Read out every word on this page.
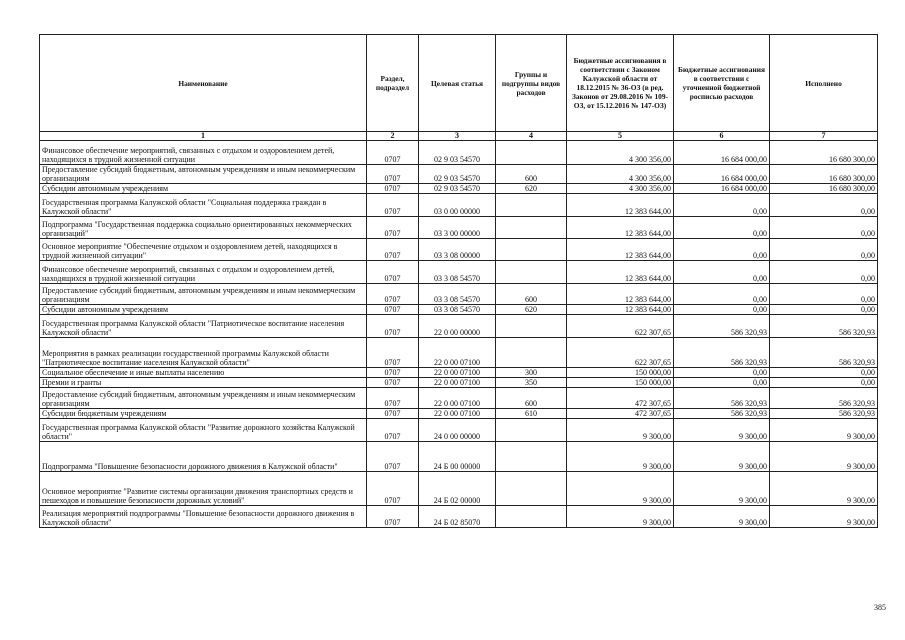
Наименование	Раздел, подраздел	Целевая статья	Группы и подгруппы видов расходов	Бюджетные ассигнования в соответствии с Законом Калужской области от 18.12.2015 № 36-ОЗ (в ред. Законов от 29.08.2016 № 109-ОЗ, от 15.12.2016 № 147-ОЗ)	Бюджетные ассигнования в соответствии с уточненной бюджетной росписью расходов	Исполнено
1	2	3	4	5	6	7
Финансовое обеспечение мероприятий, связанных с отдыхом и оздоровлением детей, находящихся в трудной жизненной ситуации	0707	02 9 03 54570		4 300 356,00	16 684 000,00	16 680 300,00
Предоставление субсидий бюджетным, автономным учреждениям и иным некоммерческим организациям	0707	02 9 03 54570	600	4 300 356,00	16 684 000,00	16 680 300,00
Субсидии автономным учреждениям	0707	02 9 03 54570	620	4 300 356,00	16 684 000,00	16 680 300,00
Государственная программа Калужской области "Социальная поддержка граждан в Калужской области"	0707	03 0 00 00000		12 383 644,00	0,00	0,00
Подпрограмма "Государственная поддержка социально ориентированных некоммерческих организаций"	0707	03 3 00 00000		12 383 644,00	0,00	0,00
Основное мероприятие "Обеспечение отдыхом и оздоровлением детей, находящихся в трудной жизненной ситуации"	0707	03 3 08 00000		12 383 644,00	0,00	0,00
Финансовое обеспечение мероприятий, связанных с отдыхом и оздоровлением детей, находящихся в трудной жизненной ситуации	0707	03 3 08 54570		12 383 644,00	0,00	0,00
Предоставление субсидий бюджетным, автономным учреждениям и иным некоммерческим организациям	0707	03 3 08 54570	600	12 383 644,00	0,00	0,00
Субсидии автономным учреждениям	0707	03 3 08 54570	620	12 383 644,00	0,00	0,00
Государственная программа Калужской области "Патриотическое воспитание населения Калужской области"	0707	22 0 00 00000		622 307,65	586 320,93	586 320,93
Мероприятия в рамках реализации государственной программы Калужской области "Патриотическое воспитание населения Калужской области"	0707	22 0 00 07100		622 307,65	586 320,93	586 320,93
Социальное обеспечение и иные выплаты населению	0707	22 0 00 07100	300	150 000,00	0,00	0,00
Премии и гранты	0707	22 0 00 07100	350	150 000,00	0,00	0,00
Предоставление субсидий бюджетным, автономным учреждениям и иным некоммерческим организациям	0707	22 0 00 07100	600	472 307,65	586 320,93	586 320,93
Субсидии бюджетным учреждениям	0707	22 0 00 07100	610	472 307,65	586 320,93	586 320,93
Государственная программа Калужской области "Развитие дорожного хозяйства Калужской области"	0707	24 0 00 00000		9 300,00	9 300,00	9 300,00
Подпрограмма "Повышение безопасности дорожного движения в Калужской области"	0707	24 Б 00 00000		9 300,00	9 300,00	9 300,00
Основное мероприятие "Развитие системы организации движения транспортных средств и пешеходов и повышение безопасности дорожных условий"	0707	24 Б 02 00000		9 300,00	9 300,00	9 300,00
Реализация мероприятий подпрограммы "Повышение безопасности дорожного движения в Калужской области"	0707	24 Б 02 85070		9 300,00	9 300,00	9 300,00
385
